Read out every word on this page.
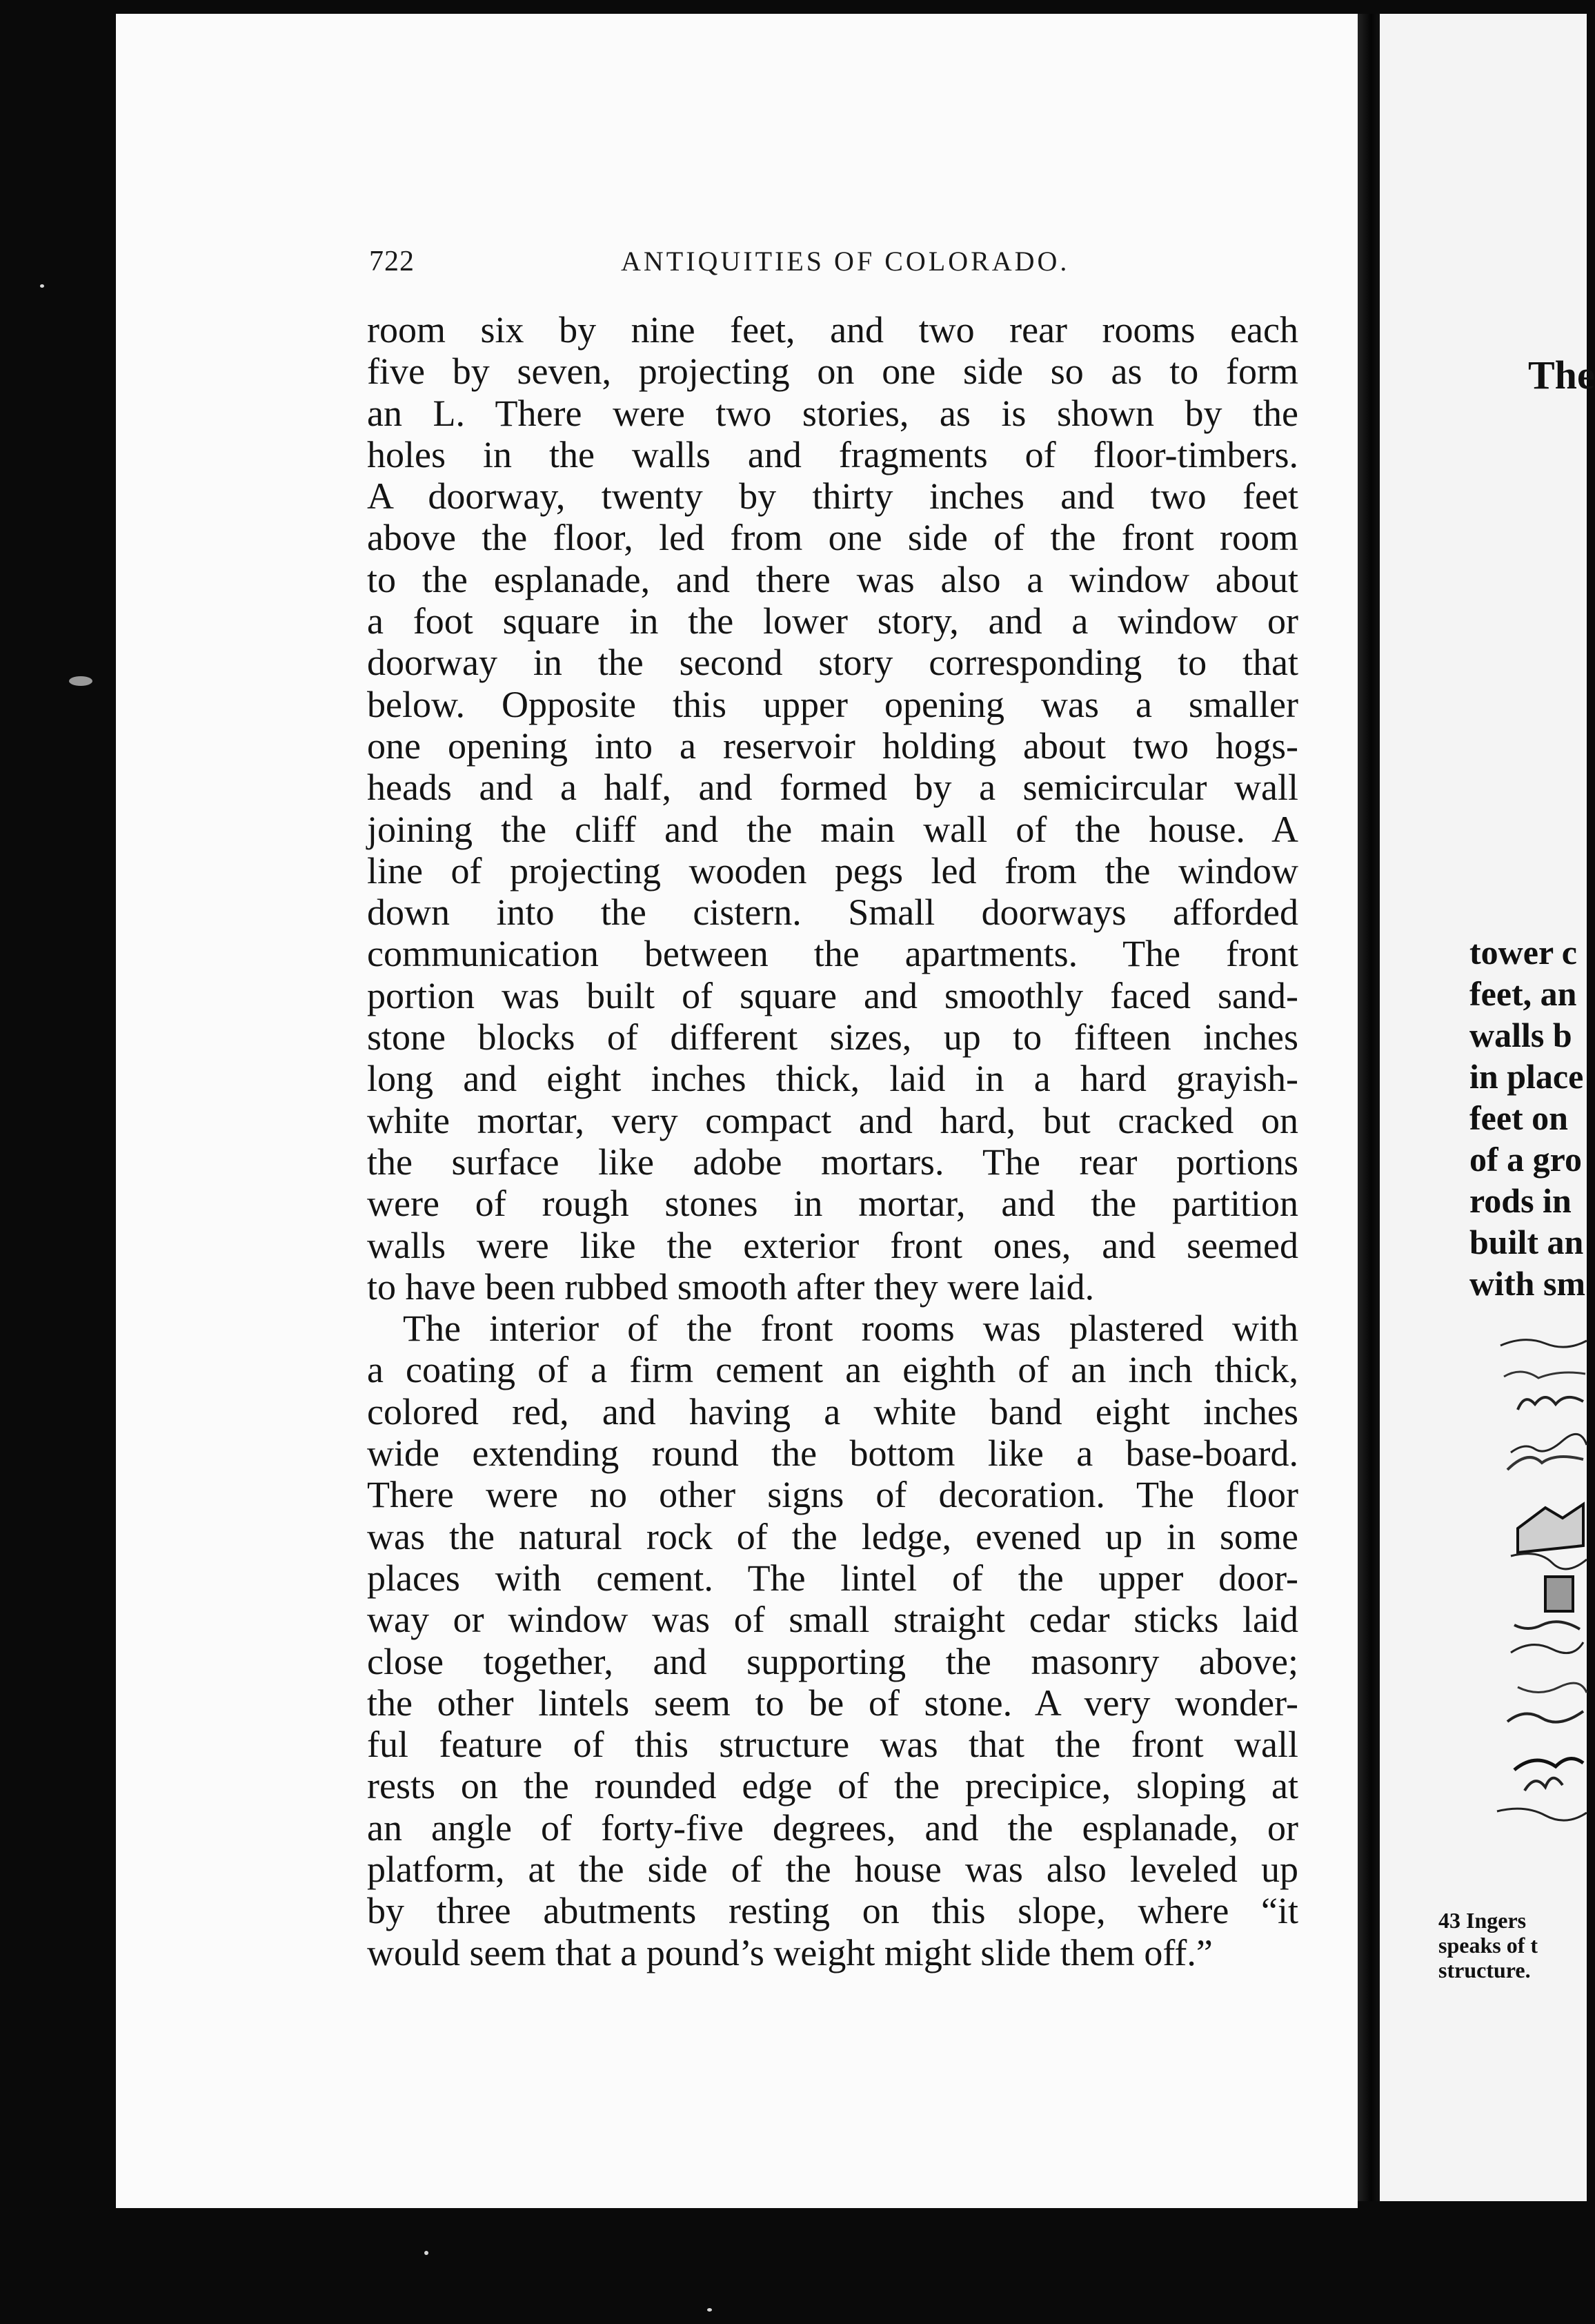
722	ANTIQUITIES OF COLORADO.
room six by nine feet, and two rear rooms each
five by seven, projecting on one side so as to form
an L. There were two stories, as is shown by the
holes in the walls and fragments of floor-timbers.
A doorway, twenty by thirty inches and two feet
above the floor, led from one side of the front room
to the esplanade, and there was also a window about
a foot square in the lower story, and a window or
doorway in the second story corresponding to that
below. Opposite this upper opening was a smaller
one opening into a reservoir holding about two hogs-
heads and a half, and formed by a semicircular wall
joining the cliff and the main wall of the house. A
line of projecting wooden pegs led from the window
down into the cistern. Small doorways afforded
communication between the apartments. The front
portion was built of square and smoothly faced sand-
stone blocks of different sizes, up to fifteen inches
long and eight inches thick, laid in a hard grayish-
white mortar, very compact and hard, but cracked on
the surface like adobe mortars. The rear portions
were of rough stones in mortar, and the partition
walls were like the exterior front ones, and seemed
to have been rubbed smooth after they were laid.
The interior of the front rooms was plastered with
a coating of a firm cement an eighth of an inch thick,
colored red, and having a white band eight inches
wide extending round the bottom like a base-board.
There were no other signs of decoration. The floor
was the natural rock of the ledge, evened up in some
places with cement. The lintel of the upper door-
way or window was of small straight cedar sticks laid
close together, and supporting the masonry above;
the other lintels seem to be of stone. A very wonder-
ful feature of this structure was that the front wall
rests on the rounded edge of the precipice, sloping at
an angle of forty-five degrees, and the esplanade, or
platform, at the side of the house was also leveled up
by three abutments resting on this slope, where “it
would seem that a pound’s weight might slide them off.”
The
tower c
feet, an
walls b
in place
feet on
of a gro
rods in
built an
with sm
43 Ingers
speaks of t
structure.
